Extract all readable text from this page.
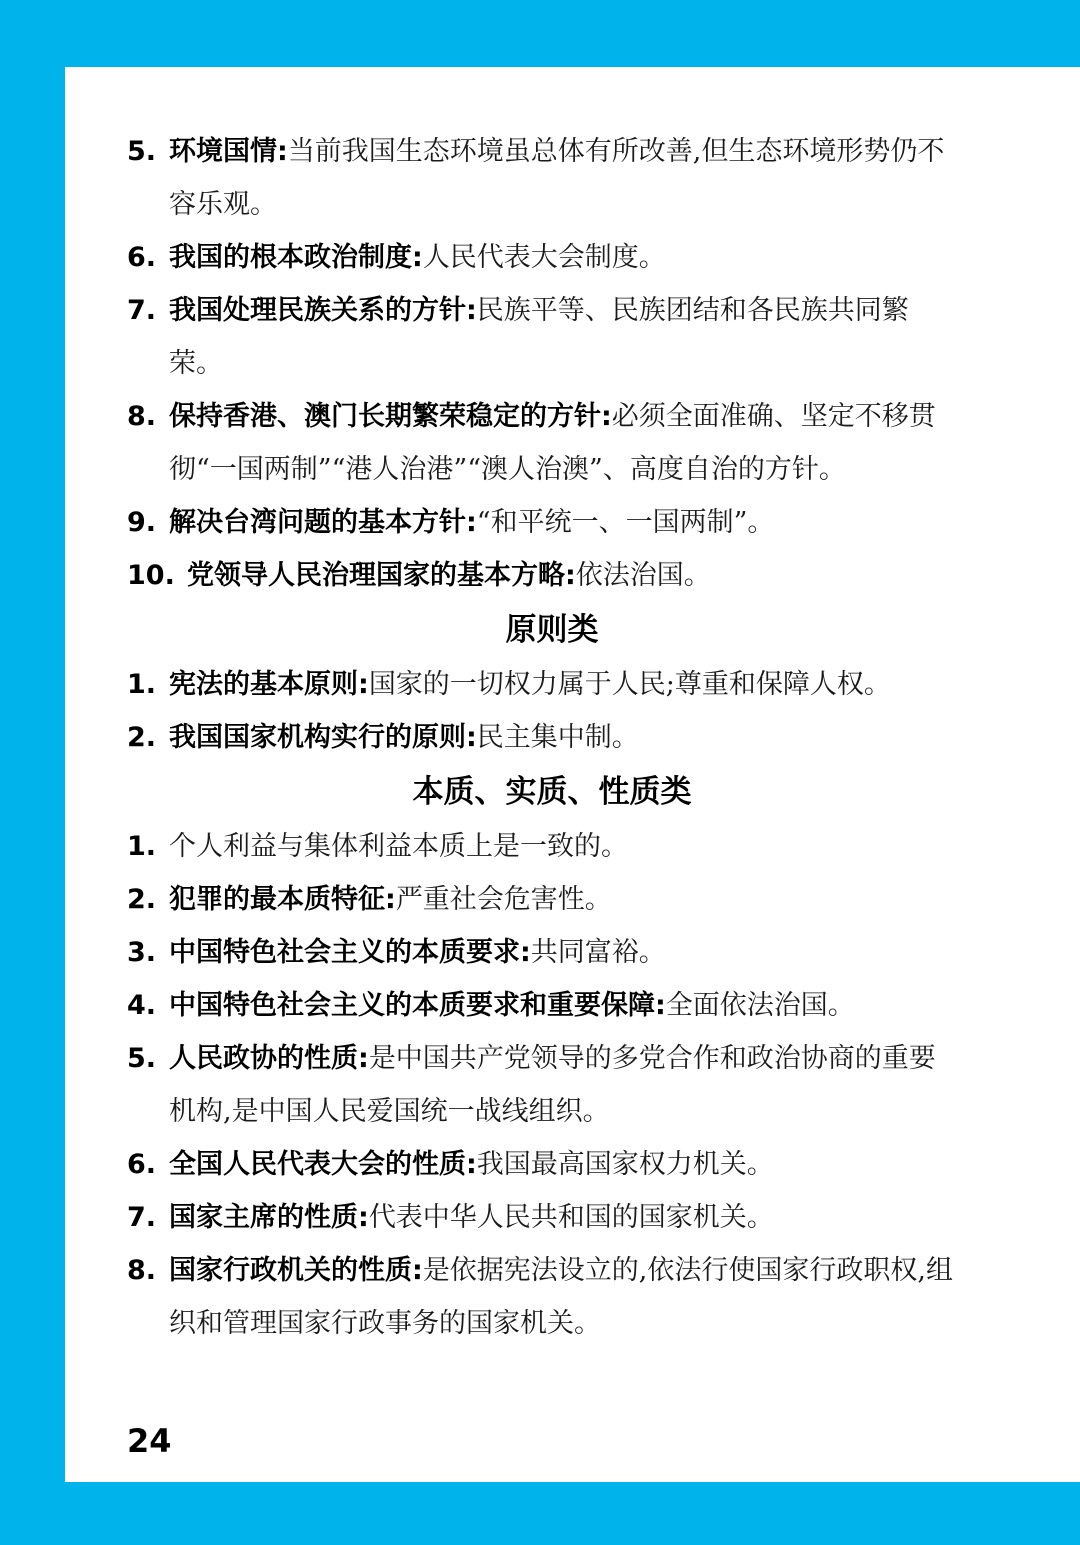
5. 环境国情:当前我国生态环境虽总体有所改善,但生态环境形势仍不容乐观。
6. 我国的根本政治制度:人民代表大会制度。
7. 我国处理民族关系的方针:民族平等、民族团结和各民族共同繁荣。
8. 保持香港、澳门长期繁荣稳定的方针:必须全面准确、坚定不移贯彻“一国两制”“港人治港”“澳人治澳”、高度自治的方针。
9. 解决台湾问题的基本方针:“和平统一、一国两制”。
10. 党领导人民治理国家的基本方略:依法治国。
原则类
1. 宪法的基本原则:国家的一切权力属于人民;尊重和保障人权。
2. 我国国家机构实行的原则:民主集中制。
本质、实质、性质类
1. 个人利益与集体利益本质上是一致的。
2. 犯罪的最本质特征:严重社会危害性。
3. 中国特色社会主义的本质要求:共同富裕。
4. 中国特色社会主义的本质要求和重要保障:全面依法治国。
5. 人民政协的性质:是中国共产党领导的多党合作和政治协商的重要机构,是中国人民爱国统一战线组织。
6. 全国人民代表大会的性质:我国最高国家权力机关。
7. 国家主席的性质:代表中华人民共和国的国家机关。
8. 国家行政机关的性质:是依据宪法设立的,依法行使国家行政职权,组织和管理国家行政事务的国家机关。
24
